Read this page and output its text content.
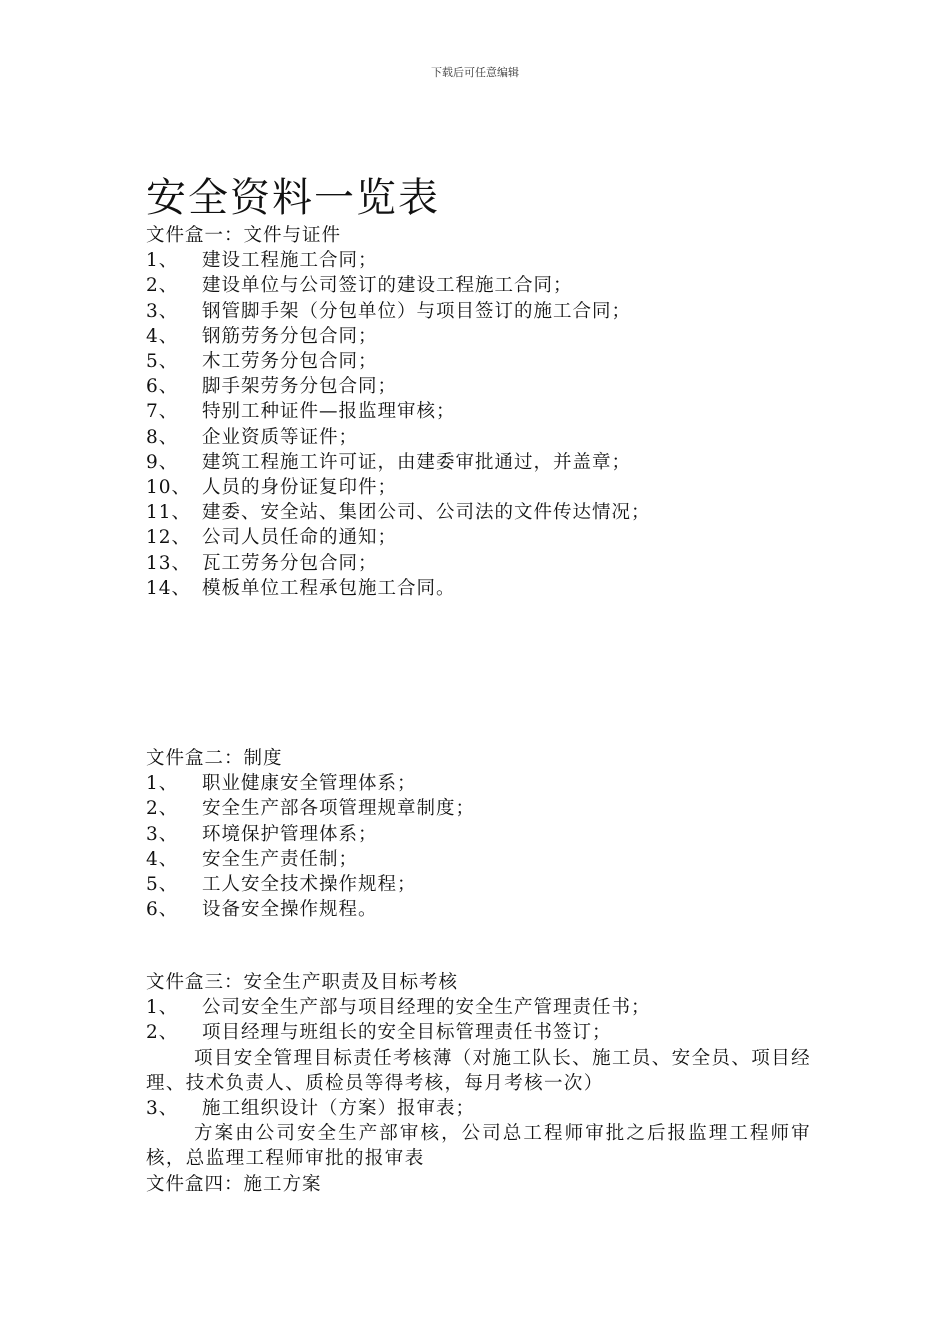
下载后可任意编辑
安全资料一览表
文件盒一：文件与证件
1、 建设工程施工合同；
2、 建设单位与公司签订的建设工程施工合同；
3、 钢管脚手架（分包单位）与项目签订的施工合同；
4、 钢筋劳务分包合同；
5、 木工劳务分包合同；
6、 脚手架劳务分包合同；
7、 特别工种证件—报监理审核；
8、 企业资质等证件；
9、 建筑工程施工许可证，由建委审批通过，并盖章；
10、 人员的身份证复印件；
11、 建委、安全站、集团公司、公司法的文件传达情况；
12、 公司人员任命的通知；
13、 瓦工劳务分包合同；
14、 模板单位工程承包施工合同。
文件盒二：制度
1、 职业健康安全管理体系；
2、 安全生产部各项管理规章制度；
3、 环境保护管理体系；
4、 安全生产责任制；
5、 工人安全技术操作规程；
6、 设备安全操作规程。
文件盒三：安全生产职责及目标考核
1、 公司安全生产部与项目经理的安全生产管理责任书；
2、 项目经理与班组长的安全目标管理责任书签订；
项目安全管理目标责任考核薄（对施工队长、施工员、安全员、项目经理、技术负责人、质检员等得考核，每月考核一次）
3、 施工组织设计（方案）报审表；
方案由公司安全生产部审核，公司总工程师审批之后报监理工程师审核，总监理工程师审批的报审表
文件盒四：施工方案
